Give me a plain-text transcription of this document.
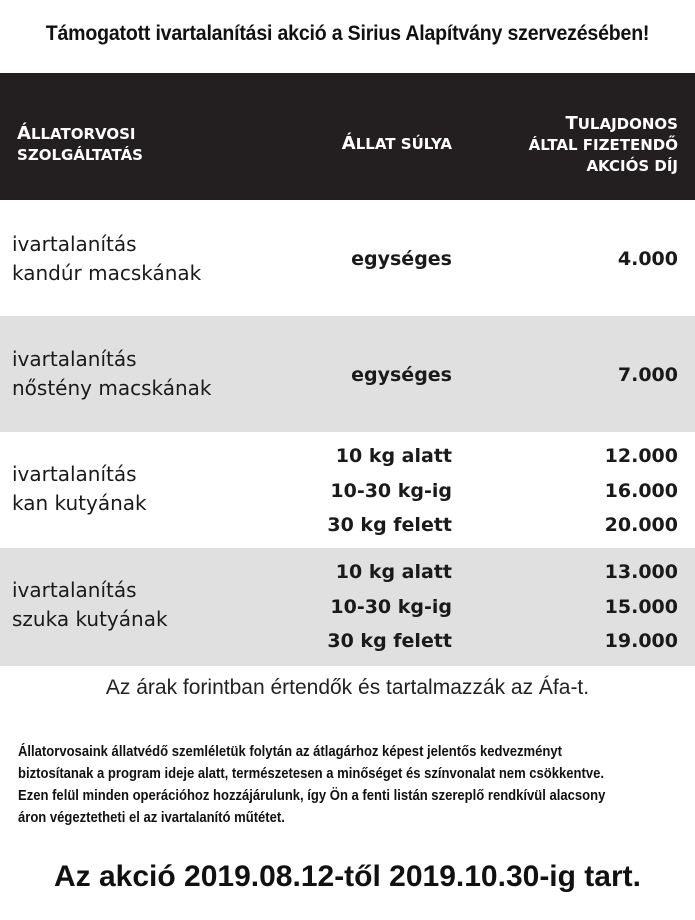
Támogatott ivartalanítási akció a Sirius Alapítvány szervezésében!
ÁLLATORVOSI
SZOLGÁLTATÁS
ÁLLAT SÚLYA
TULAJDONOS
ÁLTAL FIZETENDŐ
AKCIÓS DÍJ
ivartalanítás
kandúr macskának
egységes	4.000
ivartalanítás
nőstény macskának
egységes	7.000
ivartalanítás
kan kutyának
10 kg alatt
10-30 kg-ig
30 kg felett
12.000
16.000
20.000
ivartalanítás
szuka kutyának
10 kg alatt
10-30 kg-ig
30 kg felett
13.000
15.000
19.000
Az árak forintban értendők és tartalmazzák az Áfa-t.
Állatorvosaink állatvédő szemléletük folytán az átlagárhoz képest jelentős kedvezményt
biztosítanak a program ideje alatt, természetesen a minőséget és színvonalat nem csökkentve.
Ezen felül minden operációhoz hozzájárulunk, így Ön a fenti listán szereplő rendkívül alacsony
áron végeztetheti el az ivartalanító műtétet.
Az akció 2019.08.12-től 2019.10.30-ig tart.
